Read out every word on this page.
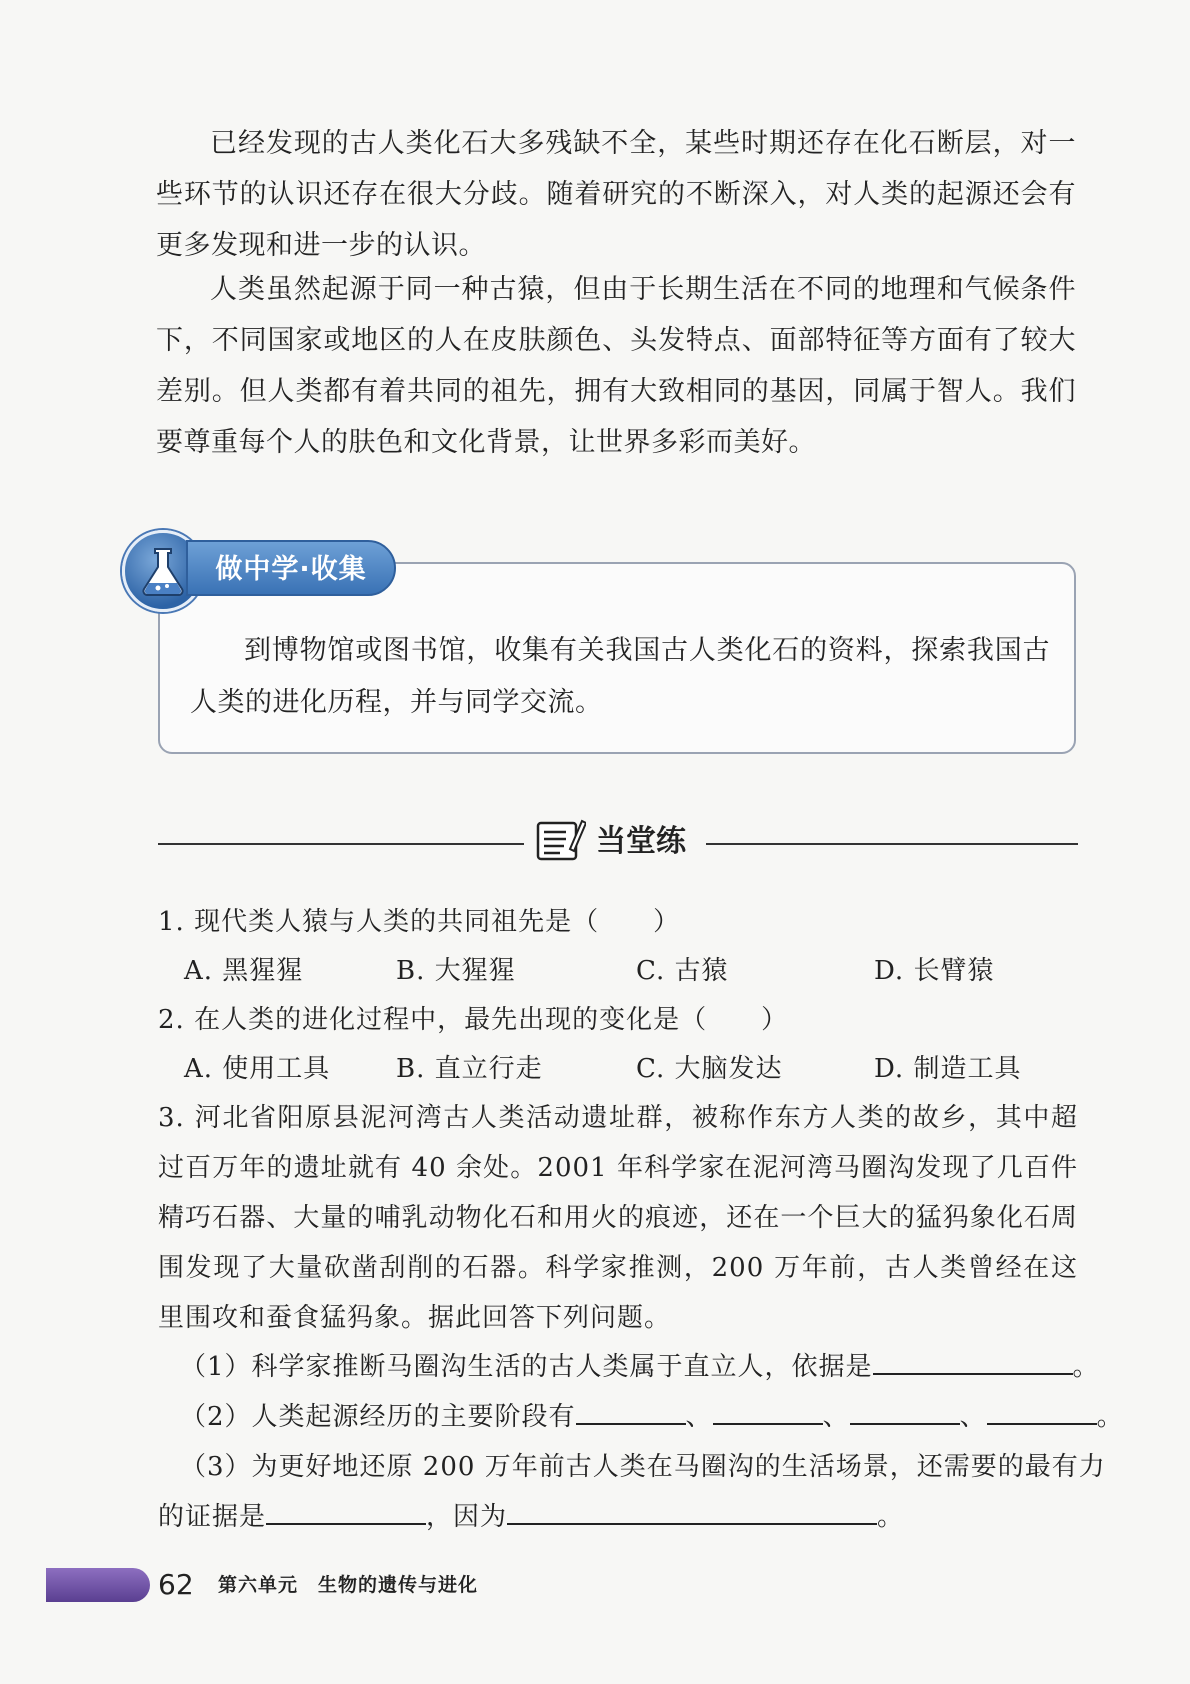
已经发现的古人类化石大多残缺不全，某些时期还存在化石断层，对一些环节的认识还存在很大分歧。随着研究的不断深入，对人类的起源还会有更多发现和进一步的认识。

人类虽然起源于同一种古猿，但由于长期生活在不同的地理和气候条件下，不同国家或地区的人在皮肤颜色、头发特点、面部特征等方面有了较大差别。但人类都有着共同的祖先，拥有大致相同的基因，同属于智人。我们要尊重每个人的肤色和文化背景，让世界多彩而美好。

做中学·收集

到博物馆或图书馆，收集有关我国古人类化石的资料，探索我国古人类的进化历程，并与同学交流。

当堂练

1. 现代类人猿与人类的共同祖先是（　　）

A. 黑猩猩	B. 大猩猩	C. 古猿	D. 长臂猿

2. 在人类的进化过程中，最先出现的变化是（　　）

A. 使用工具	B. 直立行走	C. 大脑发达	D. 制造工具

3. 河北省阳原县泥河湾古人类活动遗址群，被称作东方人类的故乡，其中超过百万年的遗址就有 40 余处。2001 年科学家在泥河湾马圈沟发现了几百件精巧石器、大量的哺乳动物化石和用火的痕迹，还在一个巨大的猛犸象化石周围发现了大量砍凿刮削的石器。科学家推测，200 万年前，古人类曾经在这里围攻和蚕食猛犸象。据此回答下列问题。

（1）科学家推断马圈沟生活的古人类属于直立人，依据是	。
（2）人类起源经历的主要阶段有	、	、	、	。
（3）为更好地还原 200 万年前古人类在马圈沟的生活场景，还需要的最有力
的证据是	，因为	。
62 第六单元　生物的遗传与进化
